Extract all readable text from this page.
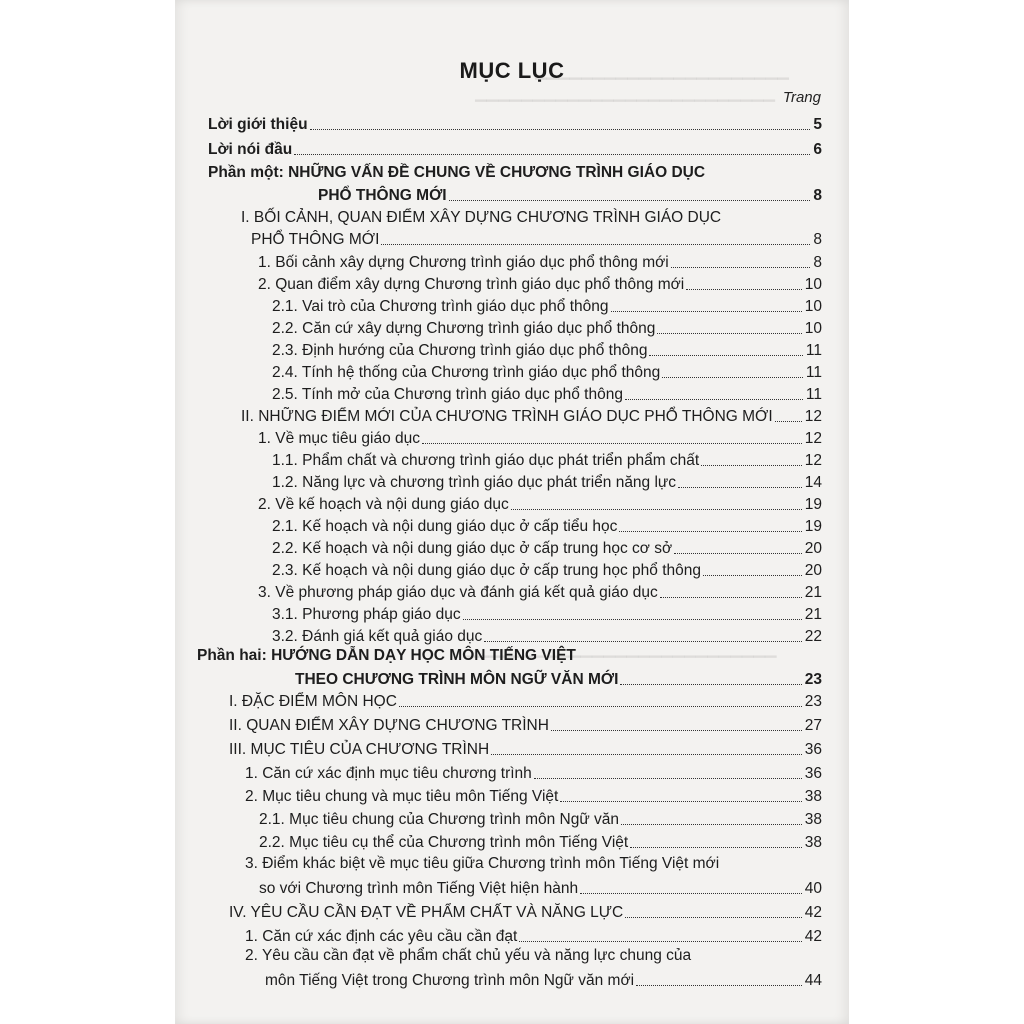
▁▁▁▁▁▁▁▁▁▁▁▁▁▁▁▁▁▁▁▁▁▁
▁▁▁▁▁▁▁▁▁▁▁▁▁▁▁▁▁▁▁▁▁▁▁▁▁▁
▁▁▁▁▁▁▁▁▁▁▁▁▁▁▁▁▁▁▁▁▁▁▁▁▁▁▁
MỤC LỤC
Trang
Lời giới thiệu	5
Lời nói đầu	6
Phần một: NHỮNG VẤN ĐỀ CHUNG VỀ CHƯƠNG TRÌNH GIÁO DỤC
PHỔ THÔNG MỚI	8
I. BỐI CẢNH, QUAN ĐIỂM XÂY DỰNG CHƯƠNG TRÌNH GIÁO DỤC
PHỔ THÔNG MỚI	8
1. Bối cảnh xây dựng Chương trình giáo dục phổ thông mới	8
2. Quan điểm xây dựng Chương trình giáo dục phổ thông mới	10
2.1. Vai trò của Chương trình giáo dục phổ thông	10
2.2. Căn cứ xây dựng Chương trình giáo dục phổ thông	10
2.3. Định hướng của Chương trình giáo dục phổ thông	11
2.4. Tính hệ thống của Chương trình giáo dục phổ thông	11
2.5. Tính mở của Chương trình giáo dục phổ thông	11
II. NHỮNG ĐIỂM MỚI CỦA CHƯƠNG TRÌNH GIÁO DỤC PHỔ THÔNG MỚI 12
1. Về mục tiêu giáo dục	12
1.1. Phẩm chất và chương trình giáo dục phát triển phẩm chất	12
1.2. Năng lực và chương trình giáo dục phát triển năng lực	14
2. Về kế hoạch và nội dung giáo dục	19
2.1. Kế hoạch và nội dung giáo dục ở cấp tiểu học	19
2.2. Kế hoạch và nội dung giáo dục ở cấp trung học cơ sở	20
2.3. Kế hoạch và nội dung giáo dục ở cấp trung học phổ thông	20
3. Về phương pháp giáo dục và đánh giá kết quả giáo dục	21
3.1. Phương pháp giáo dục	21
3.2. Đánh giá kết quả giáo dục	22
Phần hai: HƯỚNG DẪN DẠY HỌC MÔN TIẾNG VIỆT
THEO CHƯƠNG TRÌNH MÔN NGỮ VĂN MỚI	23
I. ĐẶC ĐIỂM MÔN HỌC	23
II. QUAN ĐIỂM XÂY DỰNG CHƯƠNG TRÌNH	27
III. MỤC TIÊU CỦA CHƯƠNG TRÌNH	36
1. Căn cứ xác định mục tiêu chương trình	36
2. Mục tiêu chung và mục tiêu môn Tiếng Việt	38
2.1. Mục tiêu chung của Chương trình môn Ngữ văn	38
2.2. Mục tiêu cụ thể của Chương trình môn Tiếng Việt	38
3. Điểm khác biệt về mục tiêu giữa Chương trình môn Tiếng Việt mới
so với Chương trình môn Tiếng Việt hiện hành	40
IV. YÊU CẦU CẦN ĐẠT VỀ PHẨM CHẤT VÀ NĂNG LỰC	42
1. Căn cứ xác định các yêu cầu cần đạt	42
2. Yêu cầu cần đạt về phẩm chất chủ yếu và năng lực chung của
môn Tiếng Việt trong Chương trình môn Ngữ văn mới	44
